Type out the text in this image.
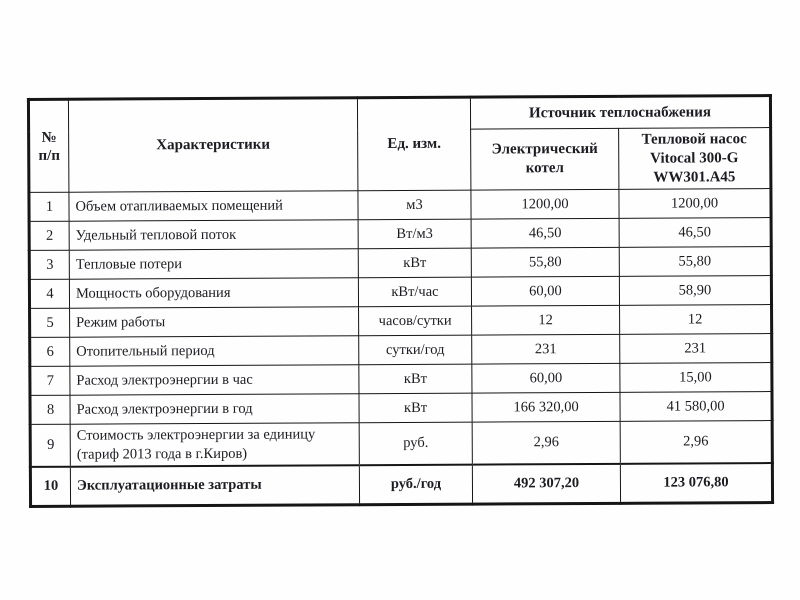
№
п/п	Характеристики	Ед. изм.	Источник теплоснабжения	
			Электрический котел	Тепловой насос
Vitocal 300-G
WW301.A45

1	Объем отапливаемых помещений	м3	1200,00	1200,00
2	Удельный тепловой поток	Вт/м3	46,50	46,50
3	Тепловые потери	кВт	55,80	55,80
4	Мощность оборудования	кВт/час	60,00	58,90
5	Режим работы	часов/сутки	12	12
6	Отопительный период	сутки/год	231	231
7	Расход электроэнергии в час	кВт	60,00	15,00
8	Расход электроэнергии в год	кВт	166 320,00	41 580,00
9	Стоимость электроэнергии за единицу (тариф 2013 года в г.Киров)	руб.	2,96	2,96
10	Эксплуатационные затраты	руб./год	492 307,20	123 076,80
